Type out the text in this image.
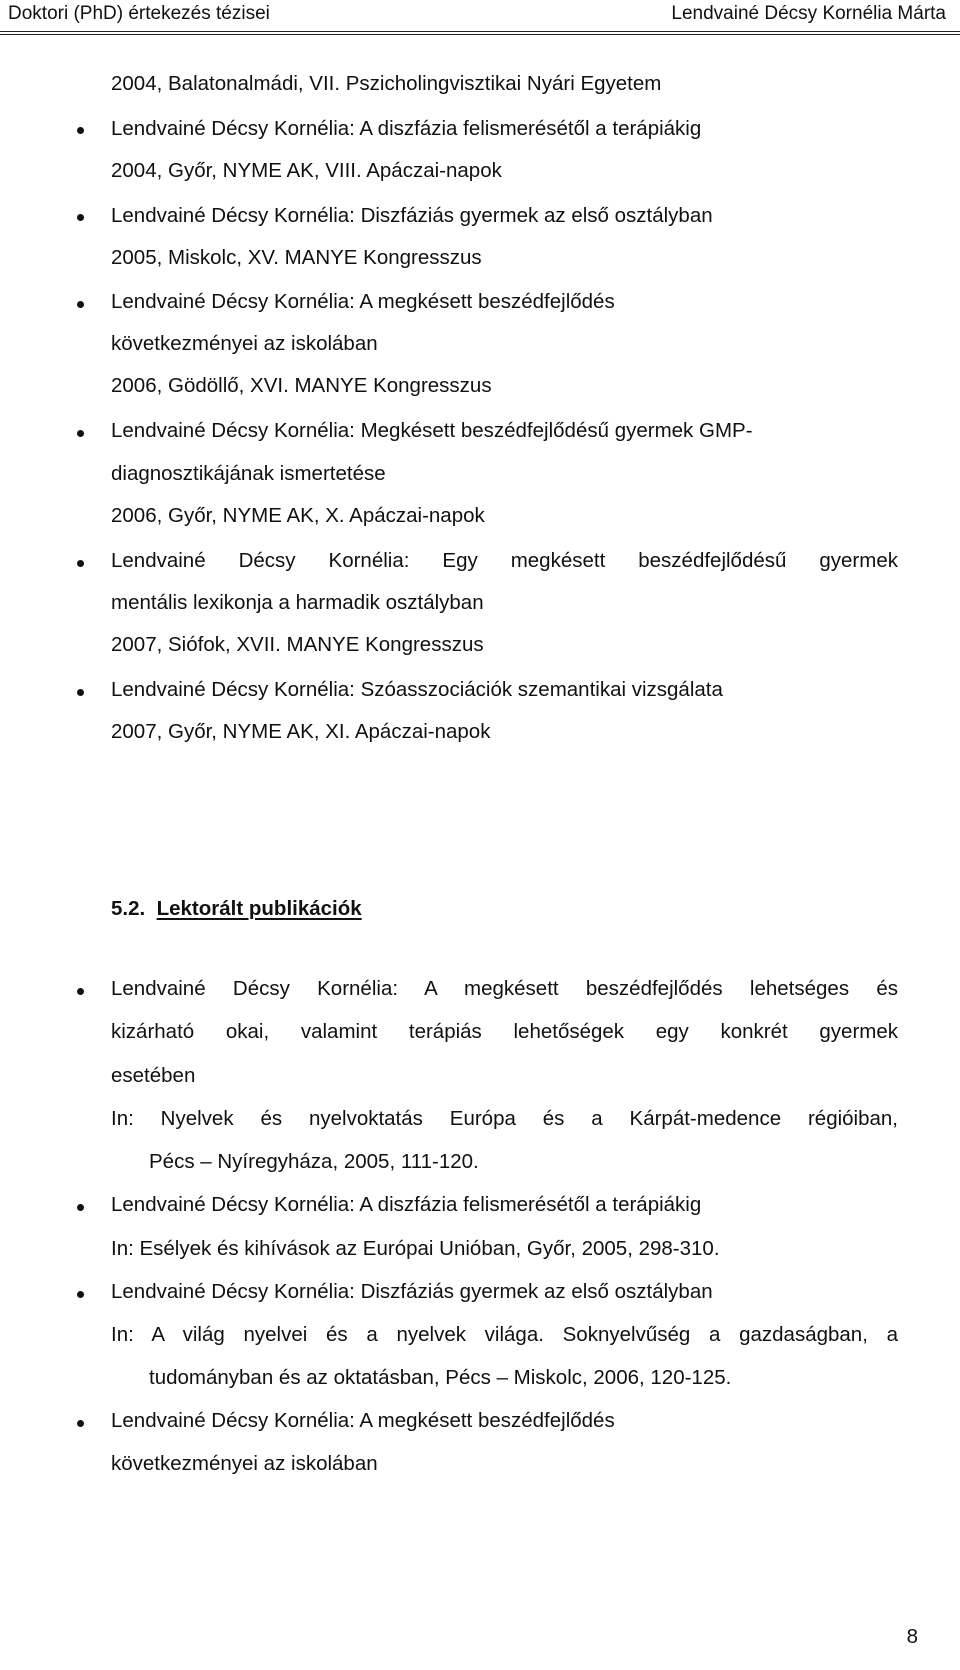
Doktori (PhD) értekezés tézisei	Lendvainé Décsy Kornélia Márta
2004, Balatonalmádi, VII. Pszicholingvisztikai Nyári Egyetem
Lendvainé Décsy Kornélia: A diszfázia felismerésétől a terápiákig
2004, Győr, NYME AK, VIII. Apáczai-napok
Lendvainé Décsy Kornélia: Diszfáziás gyermek az első osztályban
2005, Miskolc, XV. MANYE Kongresszus
Lendvainé Décsy Kornélia: A megkésett beszédfejlődés
következményei az iskolában
2006, Gödöllő, XVI. MANYE Kongresszus
Lendvainé Décsy Kornélia: Megkésett beszédfejlődésű gyermek GMP-
diagnosztikájának ismertetése
2006, Győr, NYME AK, X. Apáczai-napok
Lendvainé Décsy Kornélia: Egy megkésett beszédfejlődésű gyermek
mentális lexikonja a harmadik osztályban
2007, Siófok, XVII. MANYE Kongresszus
Lendvainé Décsy Kornélia: Szóasszociációk szemantikai vizsgálata
2007, Győr, NYME AK, XI. Apáczai-napok
5.2. Lektorált publikációk
Lendvainé Décsy Kornélia: A megkésett beszédfejlődés lehetséges és
kizárható okai, valamint terápiás lehetőségek egy konkrét gyermek
esetében
In: Nyelvek és nyelvoktatás Európa és a Kárpát-medence régióiban,
Pécs – Nyíregyháza, 2005, 111-120.
Lendvainé Décsy Kornélia: A diszfázia felismerésétől a terápiákig
In: Esélyek és kihívások az Európai Unióban, Győr, 2005, 298-310.
Lendvainé Décsy Kornélia: Diszfáziás gyermek az első osztályban
In: A világ nyelvei és a nyelvek világa. Soknyelvűség a gazdaságban, a
tudományban és az oktatásban, Pécs – Miskolc, 2006, 120-125.
Lendvainé Décsy Kornélia: A megkésett beszédfejlődés
következményei az iskolában
8
